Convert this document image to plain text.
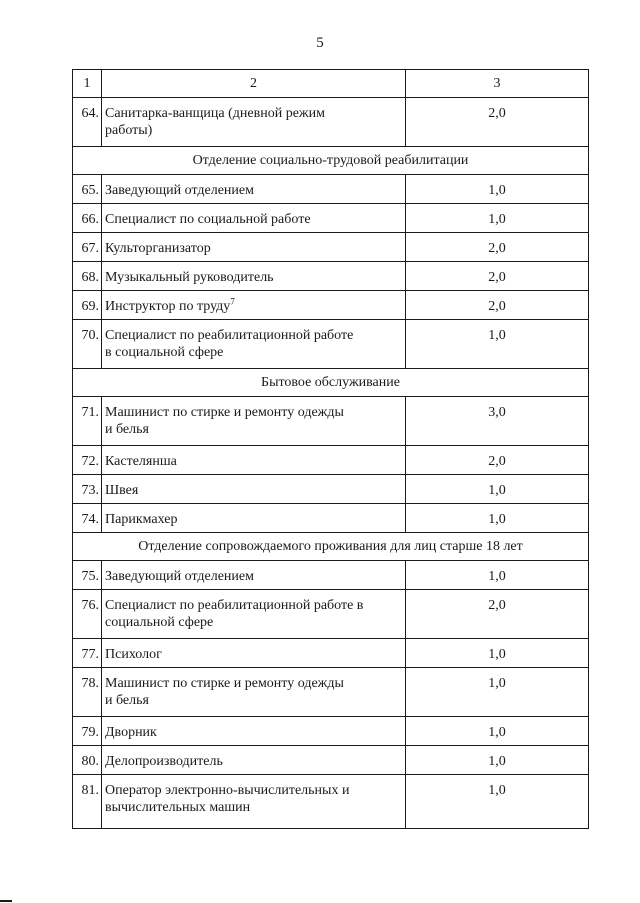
5
1	2	3
64.	Санитарка-ванщица (дневной режим
работы)	2,0
Отделение социально-трудовой реабилитации		
65.	Заведующий отделением	1,0
66.	Специалист по социальной работе	1,0
67.	Культорганизатор	2,0
68.	Музыкальный руководитель	2,0
69.	Инструктор по труду$^7$	2,0
70.	Специалист по реабилитационной работе
в социальной сфере	1,0
Бытовое обслуживание		
71.	Машинист по стирке и ремонту одежды
и белья	3,0
72.	Кастелянша	2,0
73.	Швея	1,0
74.	Парикмахер	1,0
Отделение сопровождаемого проживания для лиц старше 18 лет		
75.	Заведующий отделением	1,0
76.	Специалист по реабилитационной работе в
социальной сфере	2,0
77.	Психолог	1,0
78.	Машинист по стирке и ремонту одежды
и белья	1,0
79.	Дворник	1,0
80.	Делопроизводитель	1,0
81.	Оператор электронно-вычислительных и
вычислительных машин	1,0
